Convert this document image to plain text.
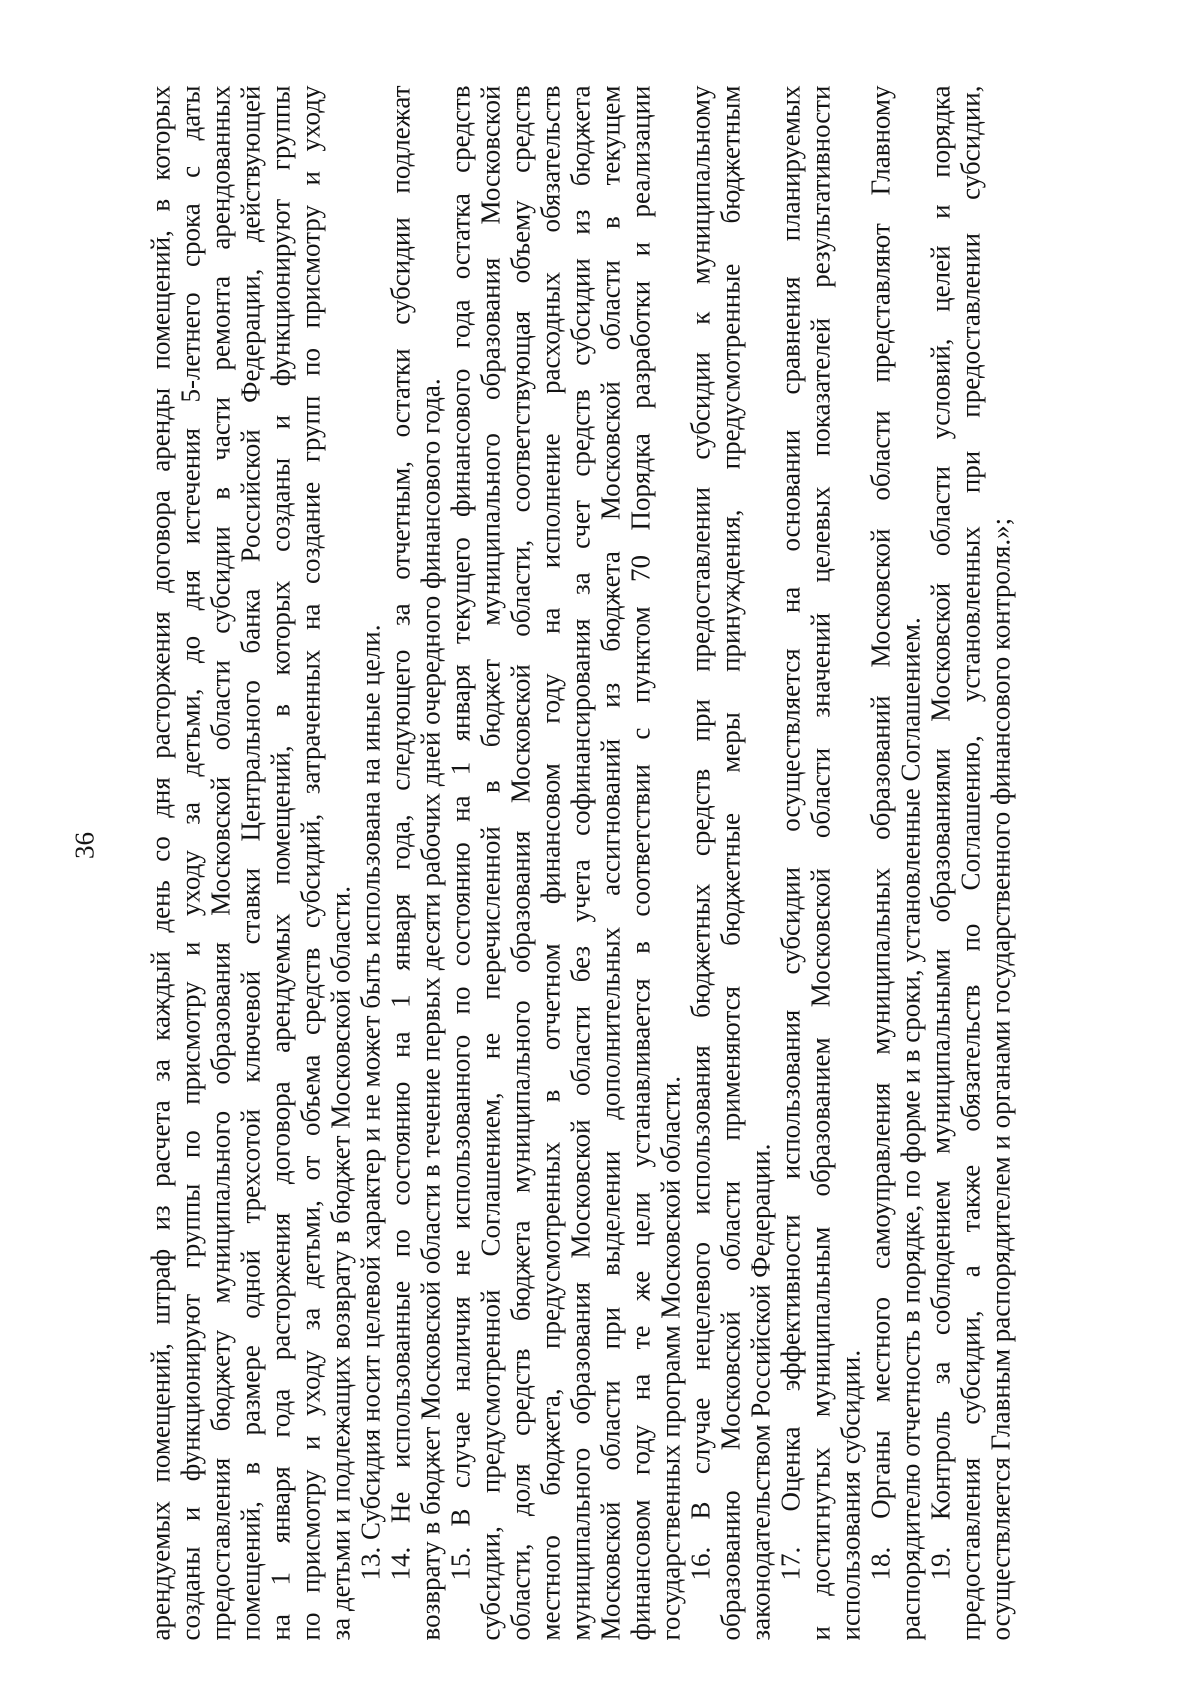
36 арендуемых помещений, штраф из расчета за каждый день со дня расторжения договора аренды помещений, в которых созданы и функционируют группы по присмотру и уходу за детьми, до дня истечения 5-летнего срока с даты предоставления бюджету муниципального образования Московской области субсидии в части ремонта арендованных помещений, в размере одной трехсотой ключевой ставки Центрального банка Российской Федерации, действующей на 1 января года расторжения договора арендуемых помещений, в которых созданы и функционируют группы по присмотру и уходу за детьми, от объема средств субсидий, затраченных на создание групп по присмотру и уходу за детьми и подлежащих возврату в бюджет Московской области. 13. Субсидия носит целевой характер и не может быть использована на иные цели. 14. Не использованные по состоянию на 1 января года, следующего за отчетным, остатки субсидии подлежат возврату в бюджет Московской области в течение первых десяти рабочих дней очередного финансового года. 15. В случае наличия не использованного по состоянию на 1 января текущего финансового года остатка средств субсидии, предусмотренной Соглашением, не перечисленной в бюджет муниципального образования Московской области, доля средств бюджета муниципального образования Московской области, соответствующая объему средств местного бюджета, предусмотренных в отчетном финансовом году на исполнение расходных обязательств муниципального образования Московской области без учета софинансирования за счет средств субсидии из бюджета Московской области при выделении дополнительных ассигнований из бюджета Московской области в текущем финансовом году на те же цели устанавливается в соответствии с пунктом 70 Порядка разработки и реализации государственных программ Московской области. 16. В случае нецелевого использования бюджетных средств при предоставлении субсидии к муниципальному образованию Московской области применяются бюджетные меры принуждения, предусмотренные бюджетным законодательством Российской Федерации. 17. Оценка эффективности использования субсидии осуществляется на основании сравнения планируемых и достигнутых муниципальным образованием Московской области значений целевых показателей результативности использования субсидии. 18. Органы местного самоуправления муниципальных образований Московской области представляют Главному распорядителю отчетность в порядке, по форме и в сроки, установленные Соглашением. 19. Контроль за соблюдением муниципальными образованиями Московской области условий, целей и порядка предоставления субсидии, а также обязательств по Соглашению, установленных при предоставлении субсидии, осуществляется Главным распорядителем и органами государственного финансового контроля.»;
